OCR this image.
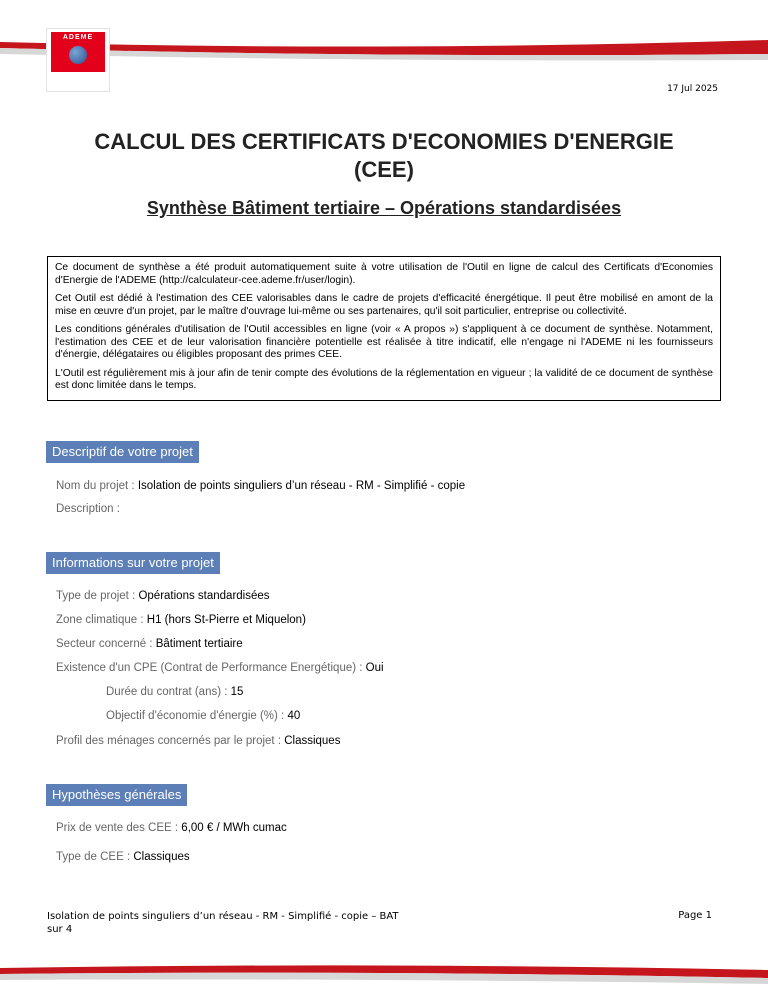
ADEME
17 Jul 2025
CALCUL DES CERTIFICATS D'ECONOMIES D'ENERGIE
(CEE)
Synthèse Bâtiment tertiaire – Opérations standardisées

Ce document de synthèse a été produit automatiquement suite à votre utilisation de l'Outil en ligne de calcul des Certificats d'Economies d'Energie de l'ADEME (http://calculateur-cee.ademe.fr/user/login).

Cet Outil est dédié à l'estimation des CEE valorisables dans le cadre de projets d'efficacité énergétique. Il peut être mobilisé en amont de la mise en œuvre d'un projet, par le maître d'ouvrage lui-même ou ses partenaires, qu'il soit particulier, entreprise ou collectivité.

Les conditions générales d'utilisation de l'Outil accessibles en ligne (voir « A propos ») s'appliquent à ce document de synthèse. Notamment, l'estimation des CEE et de leur valorisation financière potentielle est réalisée à titre indicatif, elle n'engage ni l'ADEME ni les fournisseurs d'énergie, délégataires ou éligibles proposant des primes CEE.

L'Outil est régulièrement mis à jour afin de tenir compte des évolutions de la réglementation en vigueur ; la validité de ce document de synthèse est donc limitée dans le temps.

Descriptif de votre projet
Nom du projet : Isolation de points singuliers d’un réseau - RM - Simplifié - copie
Description :
Informations sur votre projet
Type de projet : Opérations standardisées
Zone climatique : H1 (hors St-Pierre et Miquelon)
Secteur concerné : Bâtiment tertiaire
Existence d'un CPE (Contrat de Performance Energétique) : Oui
Durée du contrat (ans) : 15
Objectif d'économie d'énergie (%) : 40
Profil des ménages concernés par le projet : Classiques
Hypothèses générales
Prix de vente des CEE : 6,00 € / MWh cumac
Type de CEE : Classiques
Isolation de points singuliers d’un réseau - RM - Simplifié - copie – BAT
sur 4
Page 1
